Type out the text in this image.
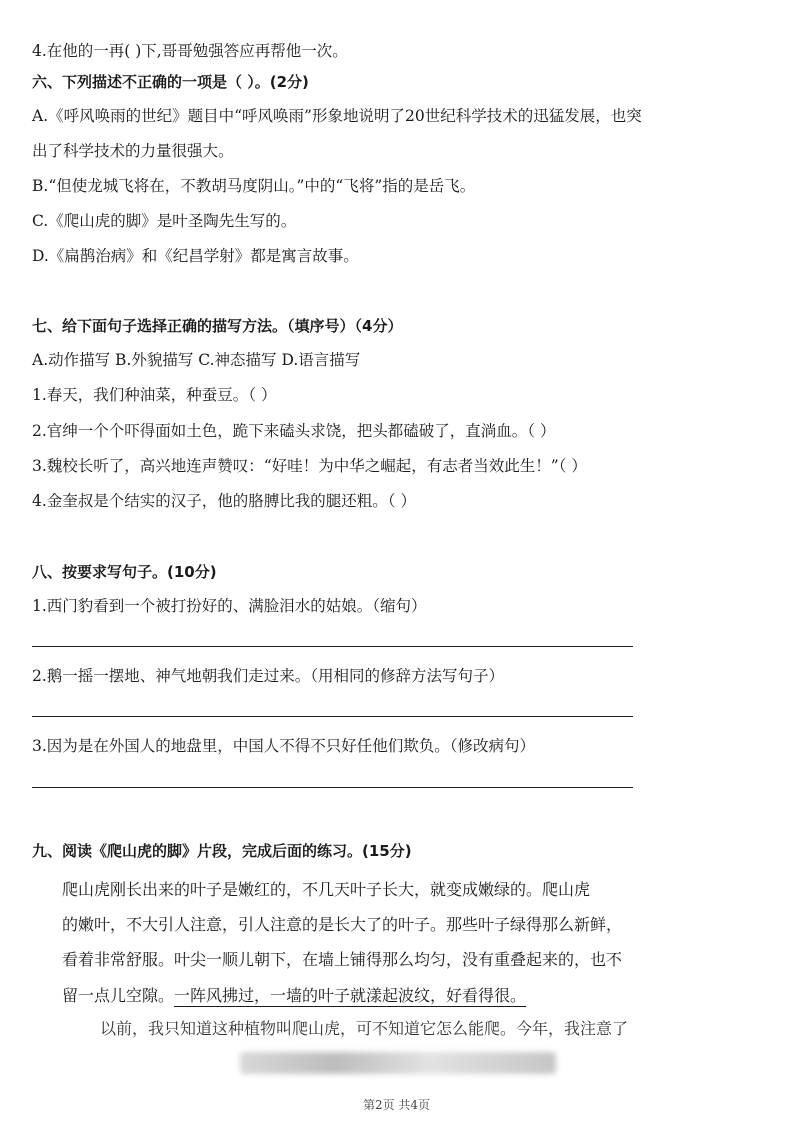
4.在他的一再( )下,哥哥勉强答应再帮他一次。
六、下列描述不正确的一项是（ ）。(2分)
A.《呼风唤雨的世纪》题目中“呼风唤雨”形象地说明了20世纪科学技术的迅猛发展，也突
出了科学技术的力量很强大。
B.“但使龙城飞将在，不教胡马度阴山。”中的“飞将”指的是岳飞。
C.《爬山虎的脚》是叶圣陶先生写的。
D.《扁鹊治病》和《纪昌学射》都是寓言故事。
七、给下面句子选择正确的描写方法。（填序号）（4分）
A.动作描写 B.外貌描写 C.神态描写 D.语言描写
1.春天，我们种油菜，种蚕豆。（ ）
2.官绅一个个吓得面如土色，跪下来磕头求饶，把头都磕破了，直淌血。（ ）
3.魏校长听了，高兴地连声赞叹：“好哇！为中华之崛起，有志者当效此生！”（ ）
4.金奎叔是个结实的汉子，他的胳膊比我的腿还粗。（ ）
八、按要求写句子。(10分)
1.西门豹看到一个被打扮好的、满脸泪水的姑娘。（缩句）
2.鹅一摇一摆地、神气地朝我们走过来。（用相同的修辞方法写句子）
3.因为是在外国人的地盘里，中国人不得不只好任他们欺负。（修改病句）
九、阅读《爬山虎的脚》片段，完成后面的练习。(15分)
爬山虎刚长出来的叶子是嫩红的，不几天叶子长大，就变成嫩绿的。爬山虎
的嫩叶，不大引人注意，引人注意的是长大了的叶子。那些叶子绿得那么新鲜，
看着非常舒服。叶尖一顺儿朝下，在墙上铺得那么均匀，没有重叠起来的，也不
留一点儿空隙。一阵风拂过，一墙的叶子就漾起波纹，好看得很。
以前，我只知道这种植物叫爬山虎，可不知道它怎么能爬。今年，我注意了
第2页 共4页
